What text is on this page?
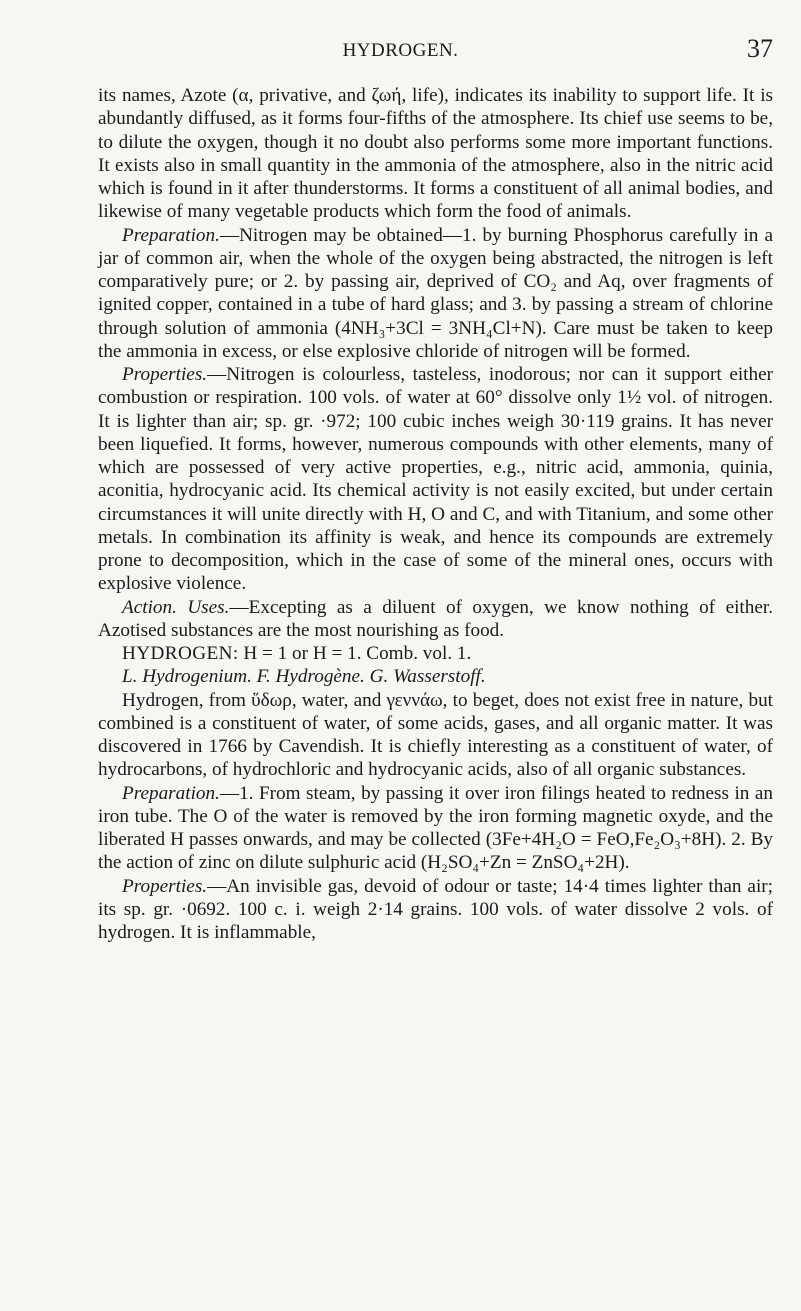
HYDROGEN.	37

its names, Azote (α, privative, and ζωή, life), indicates its inability to support life. It is abundantly diffused, as it forms four-fifths of the atmosphere. Its chief use seems to be, to dilute the oxygen, though it no doubt also performs some more important functions. It exists also in small quantity in the ammonia of the atmosphere, also in the nitric acid which is found in it after thunderstorms. It forms a constituent of all animal bodies, and likewise of many vegetable products which form the food of animals.

Preparation.—Nitrogen may be obtained—1. by burning Phosphorus carefully in a jar of common air, when the whole of the oxygen being abstracted, the nitrogen is left comparatively pure; or 2. by passing air, deprived of CO₂ and Aq, over fragments of ignited copper, contained in a tube of hard glass; and 3. by passing a stream of chlorine through solution of ammonia (4NH₃+3Cl = 3NH₄Cl+N). Care must be taken to keep the ammonia in excess, or else explosive chloride of nitrogen will be formed.

Properties.—Nitrogen is colourless, tasteless, inodorous; nor can it support either combustion or respiration. 100 vols. of water at 60° dissolve only 1½ vol. of nitrogen. It is lighter than air; sp. gr. ·972; 100 cubic inches weigh 30·119 grains. It has never been liquefied. It forms, however, numerous compounds with other elements, many of which are possessed of very active properties, e.g., nitric acid, ammonia, quinia, aconitia, hydrocyanic acid. Its chemical activity is not easily excited, but under certain circumstances it will unite directly with H, O and C, and with Titanium, and some other metals. In combination its affinity is weak, and hence its compounds are extremely prone to decomposition, which in the case of some of the mineral ones, occurs with explosive violence.

Action. Uses.—Excepting as a diluent of oxygen, we know nothing of either. Azotised substances are the most nourishing as food.

HYDROGEN: H = 1 or H = 1. Comb. vol. 1.

L. Hydrogenium. F. Hydrogène. G. Wasserstoff.

Hydrogen, from ὕδωρ, water, and γεννάω, to beget, does not exist free in nature, but combined is a constituent of water, of some acids, gases, and all organic matter. It was discovered in 1766 by Cavendish. It is chiefly interesting as a constituent of water, of hydrocarbons, of hydrochloric and hydrocyanic acids, also of all organic substances.

Preparation.—1. From steam, by passing it over iron filings heated to redness in an iron tube. The O of the water is removed by the iron forming magnetic oxyde, and the liberated H passes onwards, and may be collected (3Fe+4H₂O = FeO,Fe₂O₃+8H). 2. By the action of zinc on dilute sulphuric acid (H₂SO₄+Zn = ZnSO₄+2H).

Properties.—An invisible gas, devoid of odour or taste; 14·4 times lighter than air; its sp. gr. ·0692. 100 c. i. weigh 2·14 grains. 100 vols. of water dissolve 2 vols. of hydrogen. It is inflammable,
